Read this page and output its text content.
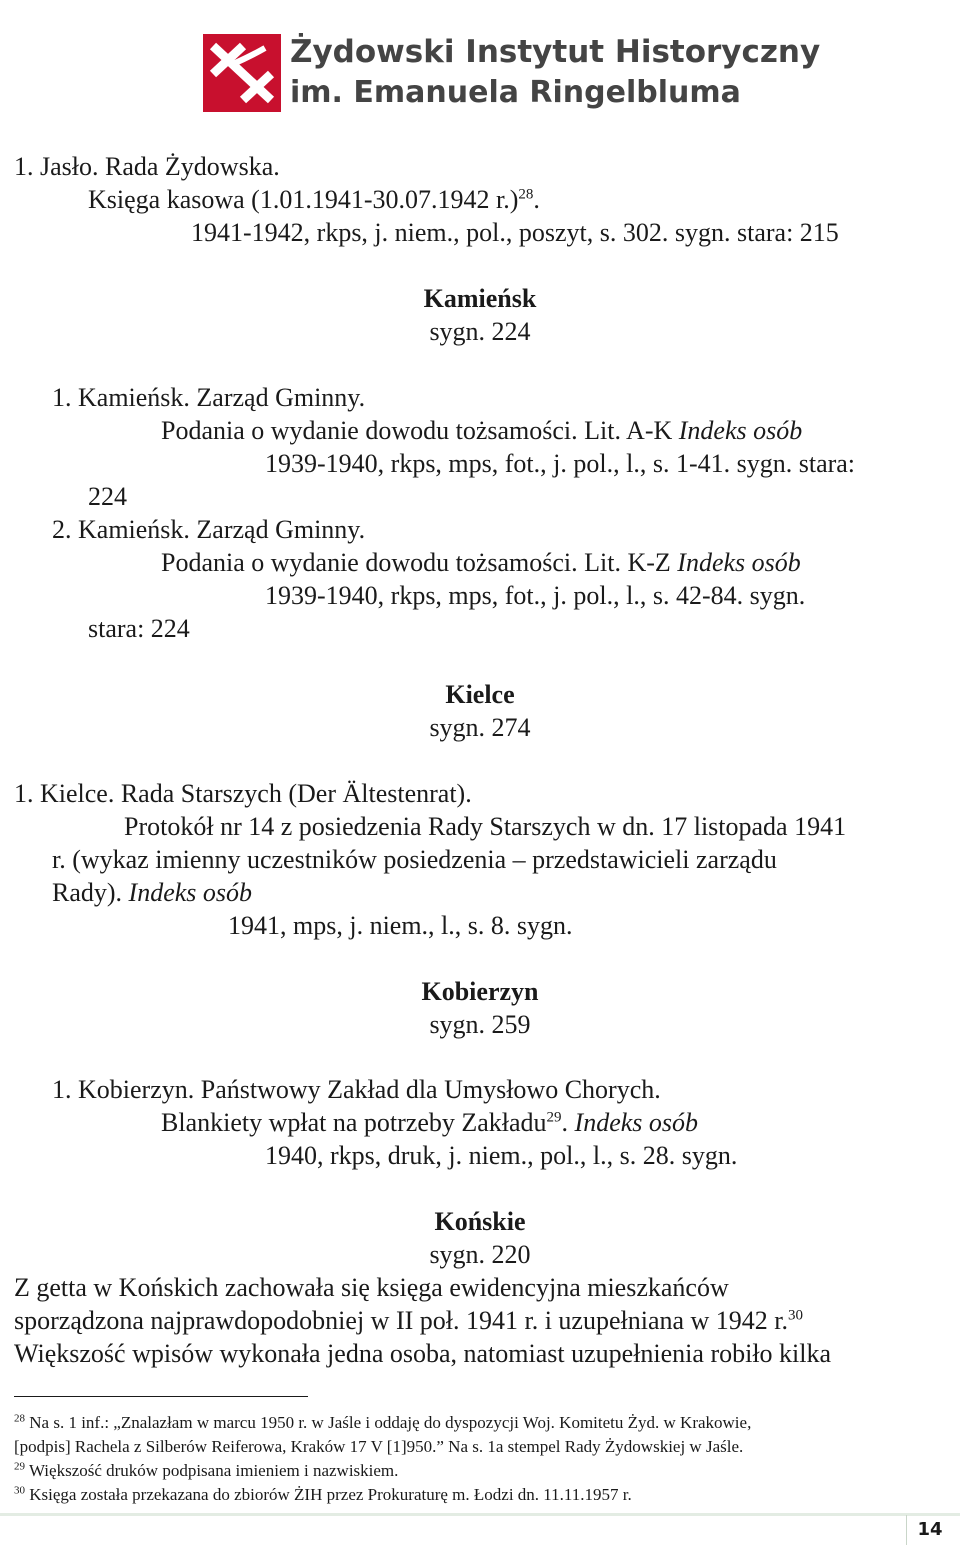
Żydowski Instytut Historyczny
im. Emanuela Ringelbluma
1. Jasło. Rada Żydowska.
Księga kasowa (1.01.1941-30.07.1942 r.)$^{28}$.
1941-1942, rkps, j. niem., pol., poszyt, s. 302. sygn. stara: 215
Kamieńsk
sygn. 224
1. Kamieńsk. Zarząd Gminny.
Podania o wydanie dowodu tożsamości. Lit. A-K Indeks osób
1939-1940, rkps, mps, fot., j. pol., l., s. 1-41. sygn. stara:
224
2. Kamieńsk. Zarząd Gminny.
Podania o wydanie dowodu tożsamości. Lit. K-Z Indeks osób
1939-1940, rkps, mps, fot., j. pol., l., s. 42-84. sygn.
stara: 224
Kielce
sygn. 274
1. Kielce. Rada Starszych (Der Ältestenrat).
Protokół nr 14 z posiedzenia Rady Starszych w dn. 17 listopada 1941
r. (wykaz imienny uczestników posiedzenia – przedstawicieli zarządu
Rady). Indeks osób
1941, mps, j. niem., l., s. 8. sygn.
Kobierzyn
sygn. 259
1. Kobierzyn. Państwowy Zakład dla Umysłowo Chorych.
Blankiety wpłat na potrzeby Zakładu$^{29}$. Indeks osób
1940, rkps, druk, j. niem., pol., l., s. 28. sygn.
Końskie
sygn. 220
Z getta w Końskich zachowała się księga ewidencyjna mieszkańców
sporządzona najprawdopodobniej w II poł. 1941 r. i uzupełniana w 1942 r.$^{30}$
Większość wpisów wykonała jedna osoba, natomiast uzupełnienia robiło kilka
$^{28}$ Na s. 1 inf.: „Znalazłam w marcu 1950 r. w Jaśle i oddaję do dyspozycji Woj. Komitetu Żyd. w Krakowie,
[podpis] Rachela z Silberów Reiferowa, Kraków 17 V [1]950.” Na s. 1a stempel Rady Żydowskiej w Jaśle.
$^{29}$ Większość druków podpisana imieniem i nazwiskiem.
$^{30}$ Księga została przekazana do zbiorów ŻIH przez Prokuraturę m. Łodzi dn. 11.11.1957 r.
14
